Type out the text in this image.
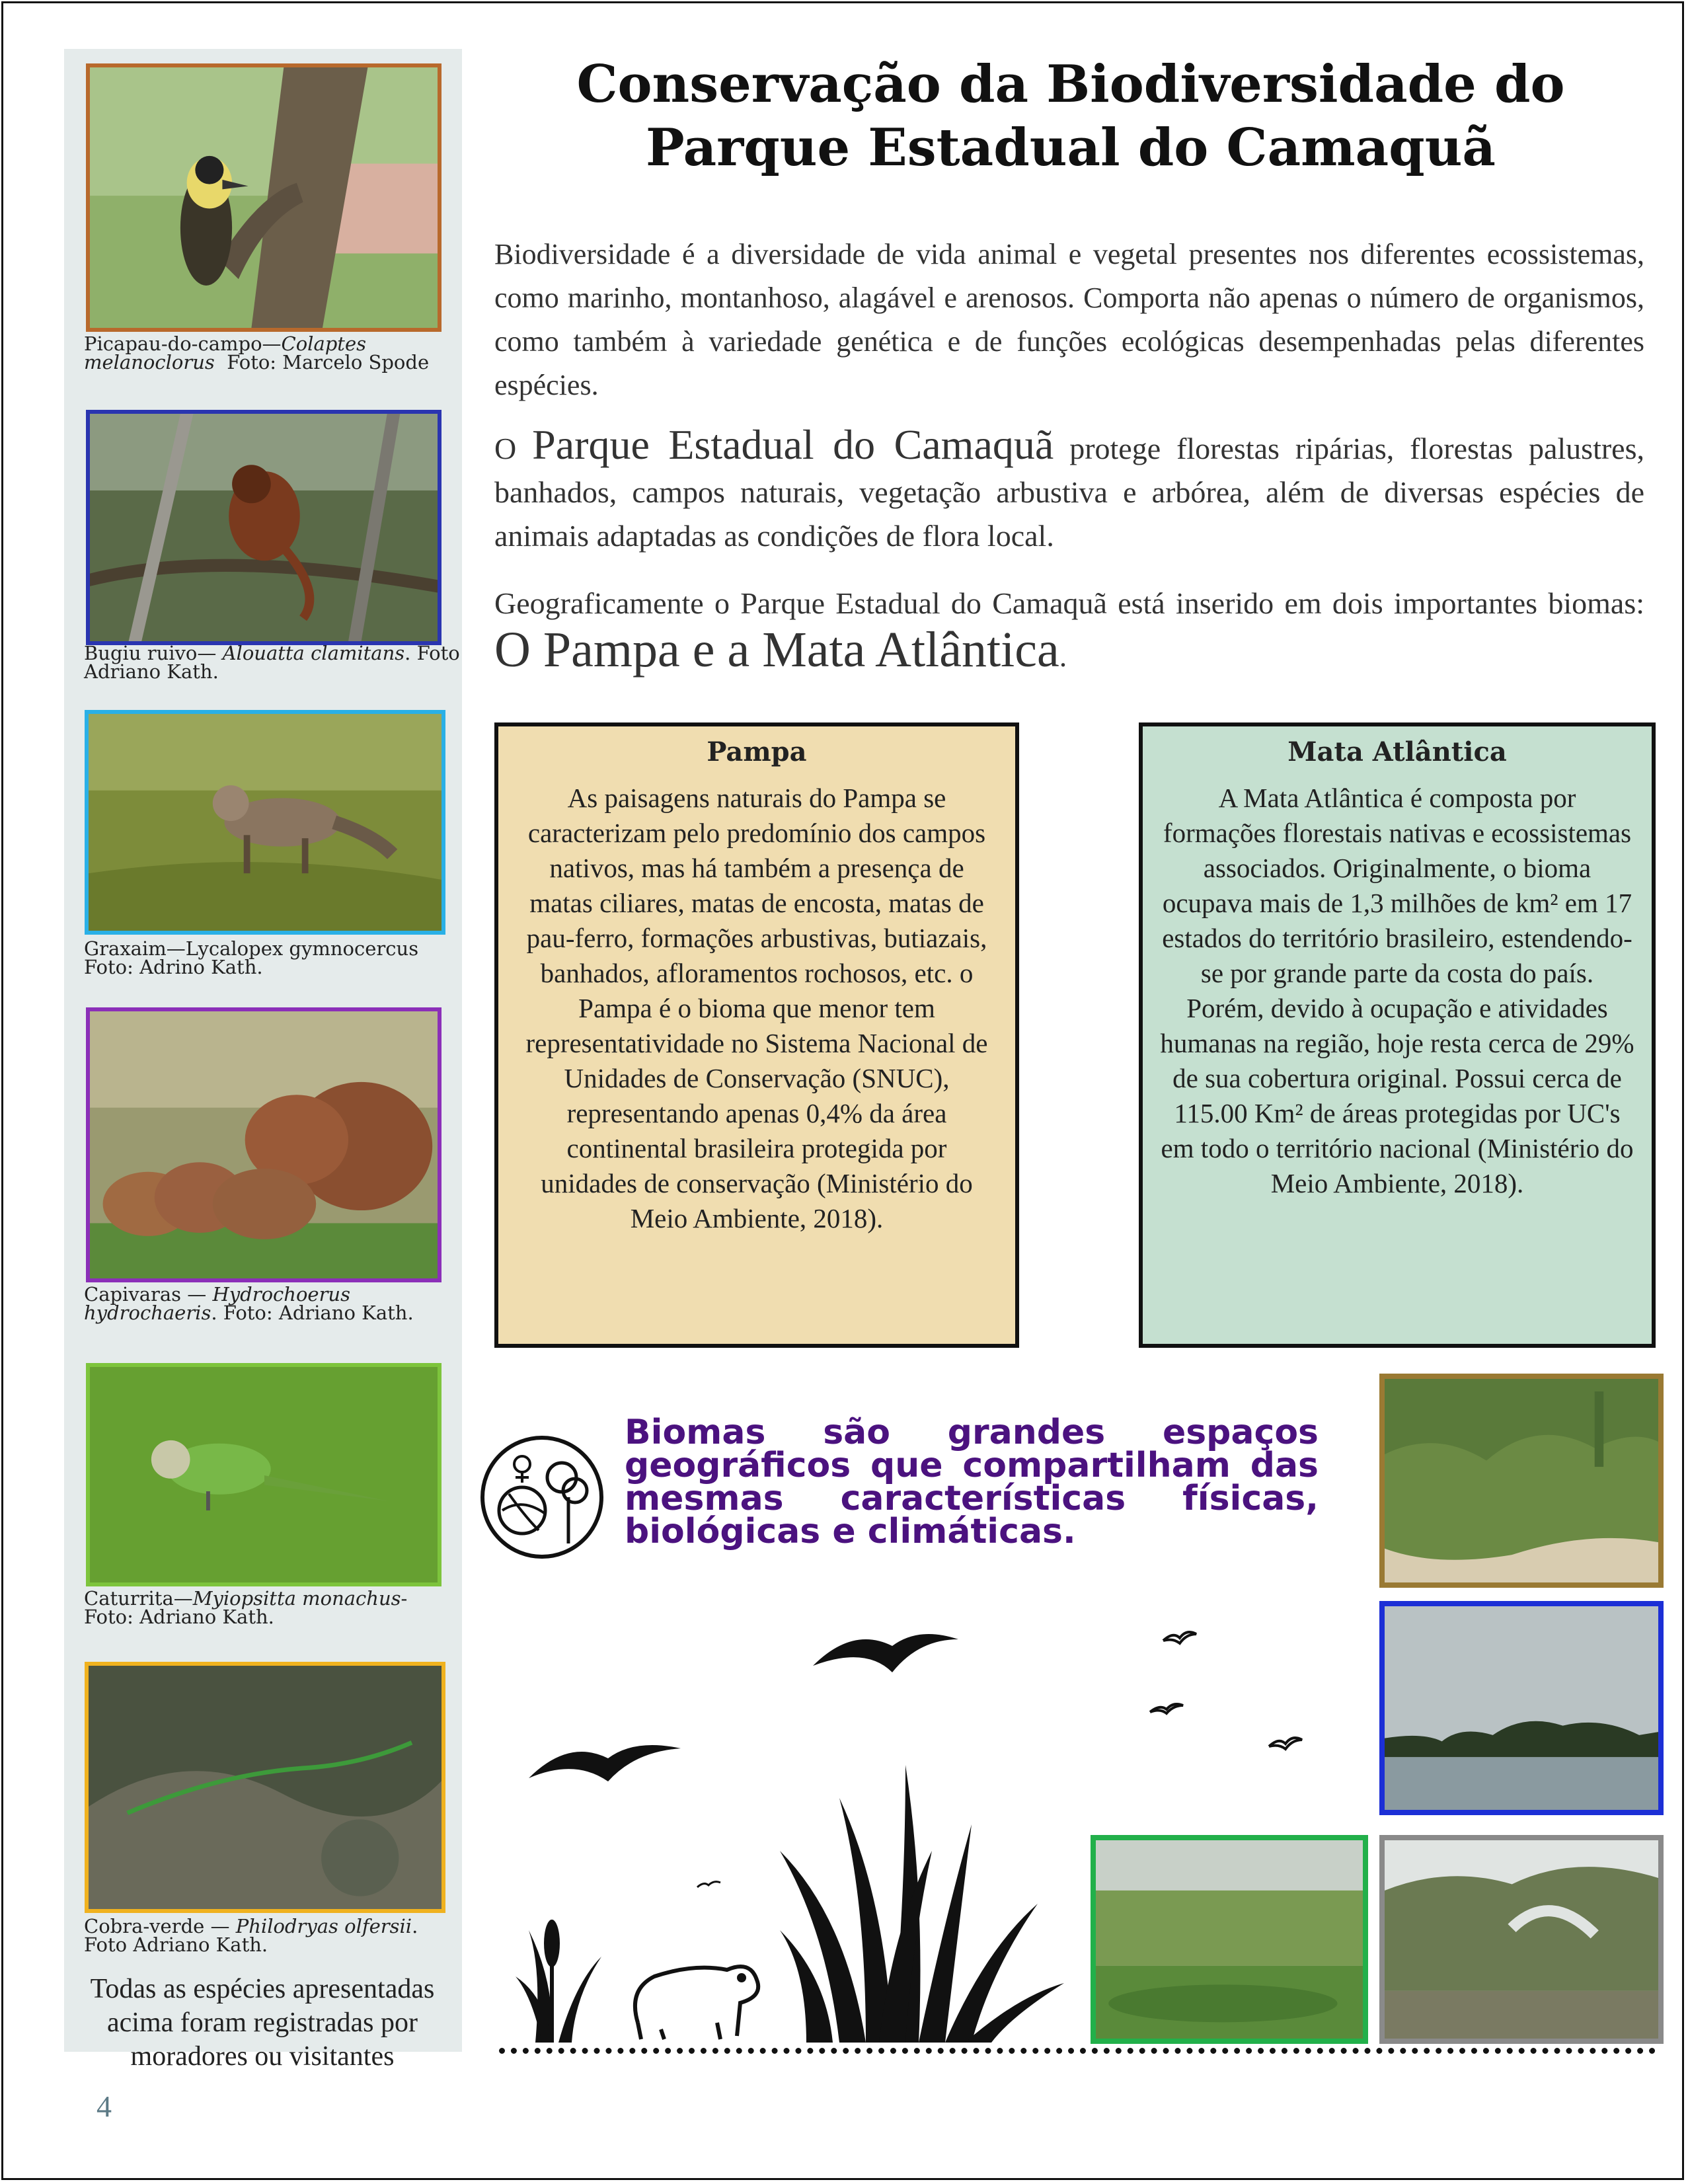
Picapau-do-campo—Colaptes melanoclorus Foto: Marcelo Spode
Bugiu ruivo— Alouatta clamitans. Foto Adriano Kath.
Graxaim—Lycalopex gymnocercus
Foto: Adrino Kath.
Capivaras — Hydrochoerus hydrochaeris. Foto: Adriano Kath.
Caturrita—Myiopsitta monachus- Foto: Adriano Kath.
Cobra-verde — Philodryas olfersii. Foto Adriano Kath.
Todas as espécies apresentadas acima foram registradas por moradores ou visitantes
4
Conservação da Biodiversidade do Parque Estadual do Camaquã
Biodiversidade é a diversidade de vida animal e vegetal presentes nos diferentes ecossistemas, como marinho, montanhoso, alagável e arenosos. Comporta não apenas o número de organismos, como também à variedade genética e de funções ecológicas desempenhadas pelas diferentes espécies.
O Parque Estadual do Camaquã protege florestas ripárias, florestas palustres, banhados, campos naturais, vegetação arbustiva e arbórea, além de diversas espécies de animais adaptadas as condições de flora local.
Geograficamente o Parque Estadual do Camaquã está inserido em dois importantes biomas: O Pampa e a Mata Atlântica.
Pampa

As paisagens naturais do Pampa se caracterizam pelo predomínio dos campos nativos, mas há também a presença de matas ciliares, matas de encosta, matas de pau-ferro, formações arbustivas, butiazais, banhados, afloramentos rochosos, etc. o Pampa é o bioma que menor tem representatividade no Sistema Nacional de Unidades de Conservação (SNUC), representando apenas 0,4% da área continental brasileira protegida por unidades de conservação (Ministério do Meio Ambiente, 2018).

Mata Atlântica

A Mata Atlântica é composta por formações florestais nativas e ecossistemas associados. Originalmente, o bioma ocupava mais de 1,3 milhões de km² em 17 estados do território brasileiro, estendendo-se por grande parte da costa do país. Porém, devido à ocupação e atividades humanas na região, hoje resta cerca de 29% de sua cobertura original. Possui cerca de 115.00 Km² de áreas protegidas por UC's em todo o território nacional (Ministério do Meio Ambiente, 2018).

Biomas são grandes espaços geográficos que compartilham das mesmas características físicas, biológicas e climáticas.
